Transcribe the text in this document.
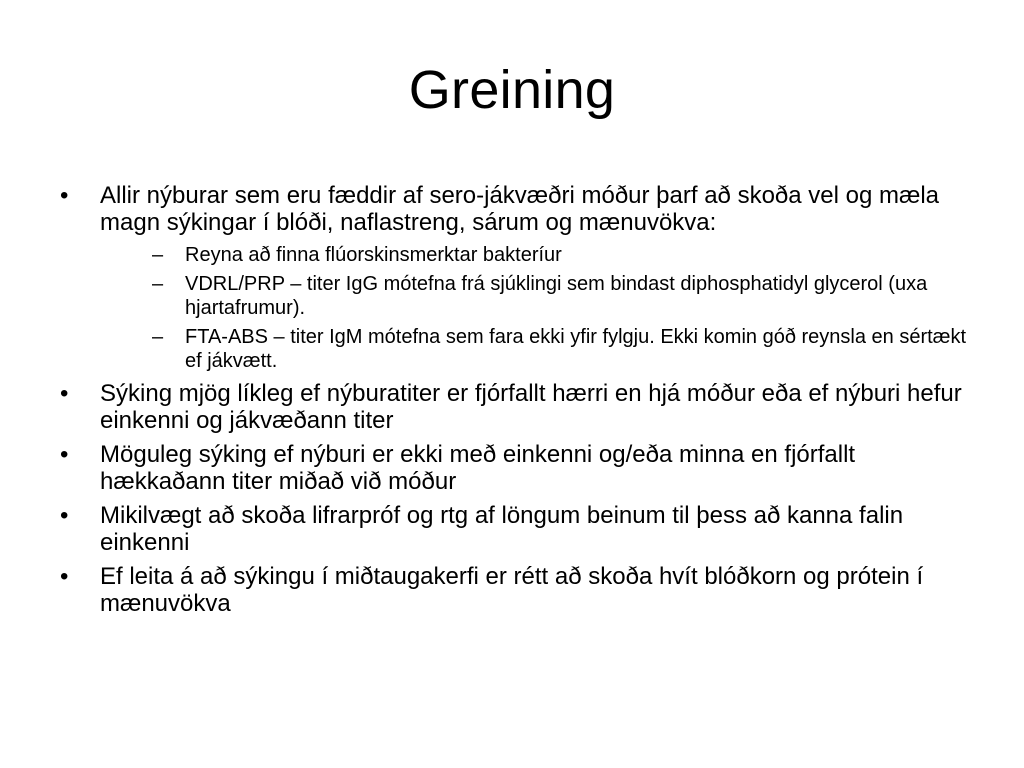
Greining
•	Allir nýburar sem eru fæddir af sero-jákvæðri móður þarf að skoða vel og mæla magn sýkingar í blóði, naflastreng, sárum og mænuvökva:
–	Reyna að finna flúorskinsmerktar bakteríur
–	VDRL/PRP – titer IgG mótefna frá sjúklingi sem bindast diphosphatidyl glycerol (uxa hjartafrumur).
–	FTA-ABS – titer IgM mótefna sem fara ekki yfir fylgju. Ekki komin góð reynsla en sértækt ef jákvætt.
•	Sýking mjög líkleg ef nýburatiter er fjórfallt hærri en hjá móður eða ef nýburi hefur einkenni og jákvæðann titer
•	Möguleg sýking ef nýburi er ekki með einkenni og/eða minna en fjórfallt hækkaðann titer miðað við móður
•	Mikilvægt að skoða lifrarpróf og rtg af löngum beinum til þess að kanna falin einkenni
•	Ef leita á að sýkingu í miðtaugakerfi er rétt að skoða hvít blóðkorn og prótein í mænuvökva
